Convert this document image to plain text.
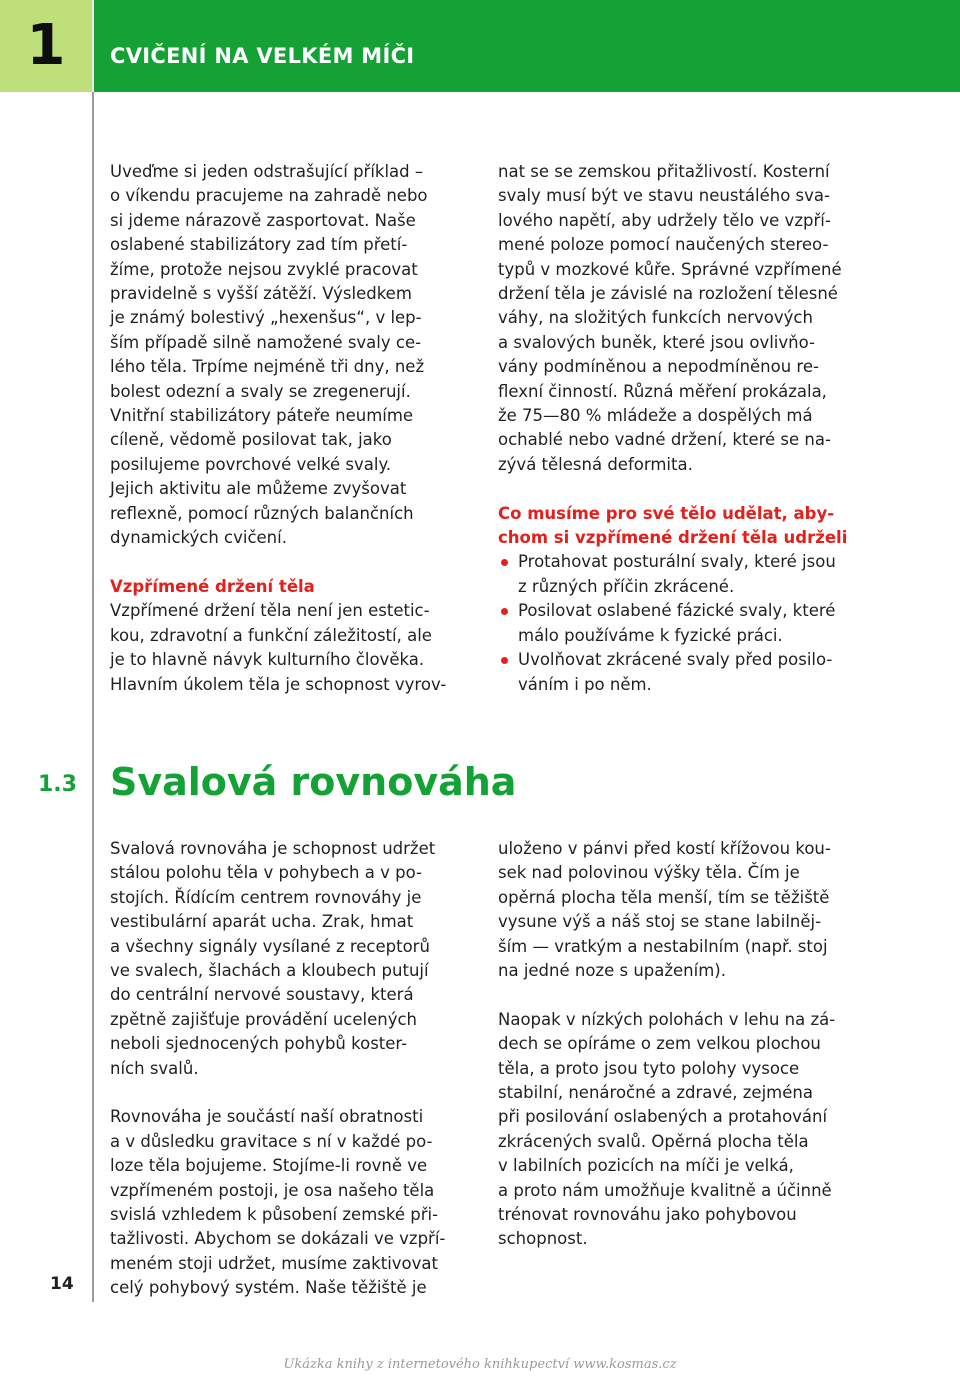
1	CVIČENÍ NA VELKÉM MÍČI

Uveďme si jeden odstrašující příklad –
o víkendu pracujeme na zahradě nebo
si jdeme nárazově zasportovat. Naše
oslabené stabilizátory zad tím přetí-
žíme, protože nejsou zvyklé pracovat
pravidelně s vyšší zátěží. Výsledkem
je známý bolestivý „hexenšus“, v lep-
ším případě silně namožené svaly ce-
lého těla. Trpíme nejméně tři dny, než
bolest odezní a svaly se zregenerují.
Vnitřní stabilizátory páteře neumíme
cíleně, vědomě posilovat tak, jako
posilujeme povrchové velké svaly.
Jejich aktivitu ale můžeme zvyšovat
reflexně, pomocí různých balančních
dynamických cvičení.

Vzpřímené držení těla

Vzpřímené držení těla není jen estetic-
kou, zdravotní a funkční záležitostí, ale
je to hlavně návyk kulturního člověka.
Hlavním úkolem těla je schopnost vyrov-

nat se se zemskou přitažlivostí. Kosterní
svaly musí být ve stavu neustálého sva-
lového napětí, aby udržely tělo ve vzpří-
mené poloze pomocí naučených stereo-
typů v mozkové kůře. Správné vzpřímené
držení těla je závislé na rozložení tělesné
váhy, na složitých funkcích nervových
a svalových buněk, které jsou ovlivňo-
vány podmíněnou a nepodmíněnou re-
flexní činností. Různá měření prokázala,
že 75—80 % mládeže a dospělých má
ochablé nebo vadné držení, které se na-
zývá tělesná deformita.

Co musíme pro své tělo udělat, aby-
chom si vzpřímené držení těla udrželi

Protahovat posturální svaly, které jsou
z různých příčin zkrácené.
Posilovat oslabené fázické svaly, které
málo používáme k fyzické práci.
Uvolňovat zkrácené svaly před posilo-
váním i po něm.
1.3 Svalová rovnováha

Svalová rovnováha je schopnost udržet
stálou polohu těla v pohybech a v po-
stojích. Řídícím centrem rovnováhy je
vestibulární aparát ucha. Zrak, hmat
a všechny signály vysílané z receptorů
ve svalech, šlachách a kloubech putují
do centrální nervové soustavy, která
zpětně zajišťuje provádění ucelených
neboli sjednocených pohybů koster-
ních svalů.

Rovnováha je součástí naší obratnosti
a v důsledku gravitace s ní v každé po-
loze těla bojujeme. Stojíme-li rovně ve
vzpřímeném postoji, je osa našeho těla
svislá vzhledem k působení zemské při-
tažlivosti. Abychom se dokázali ve vzpří-
meném stoji udržet, musíme zaktivovat
celý pohybový systém. Naše těžiště je

uloženo v pánvi před kostí křížovou kou-
sek nad polovinou výšky těla. Čím je
opěrná plocha těla menší, tím se těžiště
vysune výš a náš stoj se stane labilněj-
ším — vratkým a nestabilním (např. stoj
na jedné noze s upažením).

Naopak v nízkých polohách v lehu na zá-
dech se opíráme o zem velkou plochou
těla, a proto jsou tyto polohy vysoce
stabilní, nenáročné a zdravé, zejména
při posilování oslabených a protahování
zkrácených svalů. Opěrná plocha těla
v labilních pozicích na míči je velká,
a proto nám umožňuje kvalitně a účinně
trénovat rovnováhu jako pohybovou
schopnost.

14
Ukázka knihy z internetového knihkupectví www.kosmas.cz
